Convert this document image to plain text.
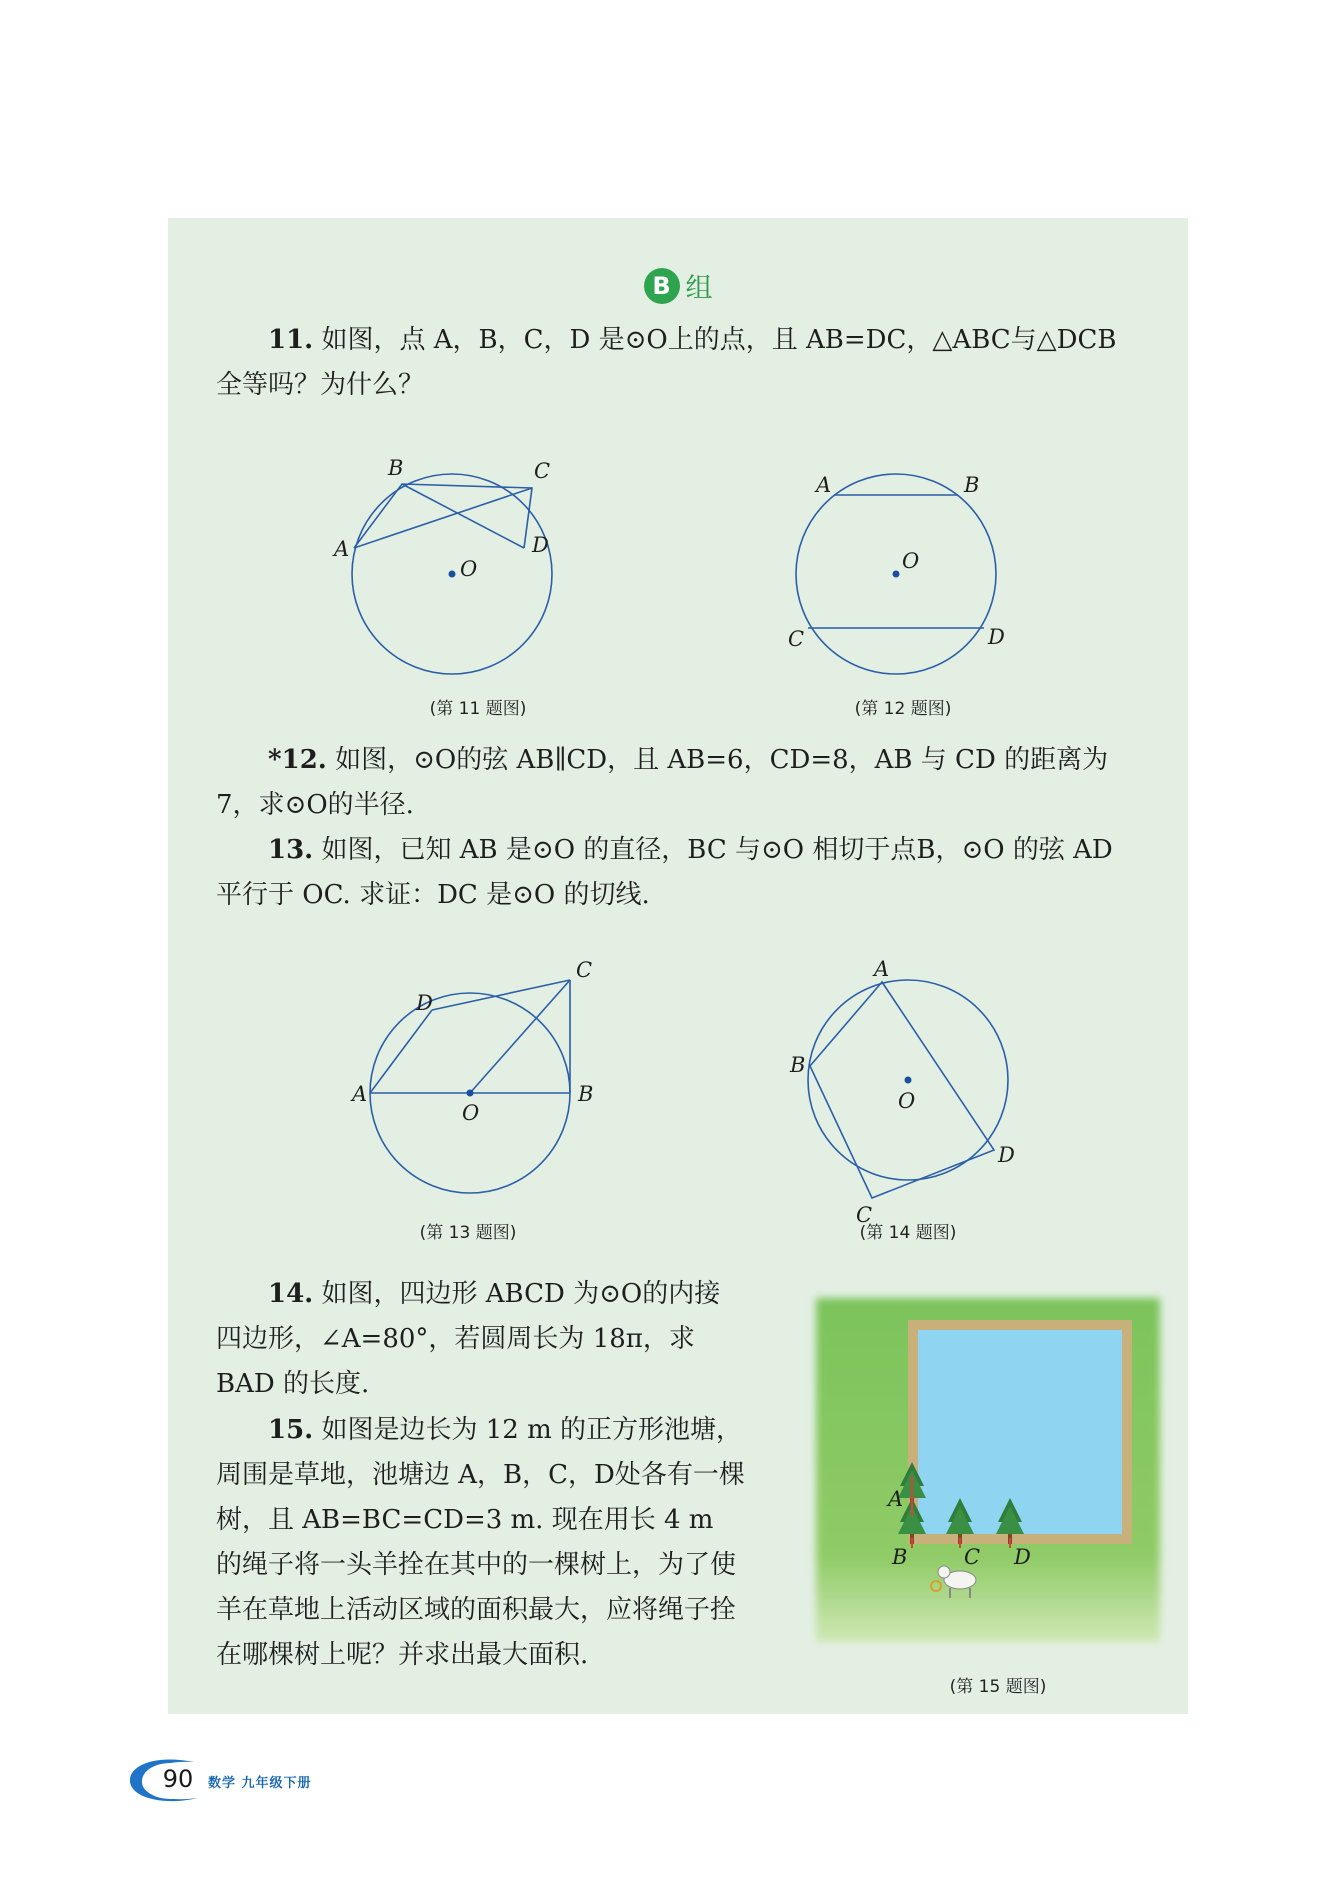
B 组

11. 如图，点 A，B，C，D 是⊙O上的点，且 AB=DC，△ABC与△DCB全等吗？为什么？

A
B	C
D
O
(第 11 题图)
A	B
C	D
O
(第 12 题图)

*12. 如图，⊙O的弦 AB∥CD，且 AB=6，CD=8，AB 与 CD 的距离为 7，求⊙O的半径.

13. 如图，已知 AB 是⊙O 的直径，BC 与⊙O 相切于点B，⊙O 的弦 AD 平行于 OC. 求证：DC 是⊙O 的切线.

A	B
C
D
O
(第 13 题图)
A
B
C
D
O
(第 14 题图)

14. 如图，四边形 ABCD 为⊙O的内接四边形，∠A=80°，若圆周长为 18π，求 BAD 的长度.

15. 如图是边长为 12 m 的正方形池塘，周围是草地，池塘边 A，B，C，D处各有一棵树，且 AB=BC=CD=3 m. 现在用长 4 m 的绳子将一头羊拴在其中的一棵树上，为了使羊在草地上活动区域的面积最大，应将绳子拴在哪棵树上呢？并求出最大面积.

A
B	C D
(第 15 题图)
90	数学 九年级下册
